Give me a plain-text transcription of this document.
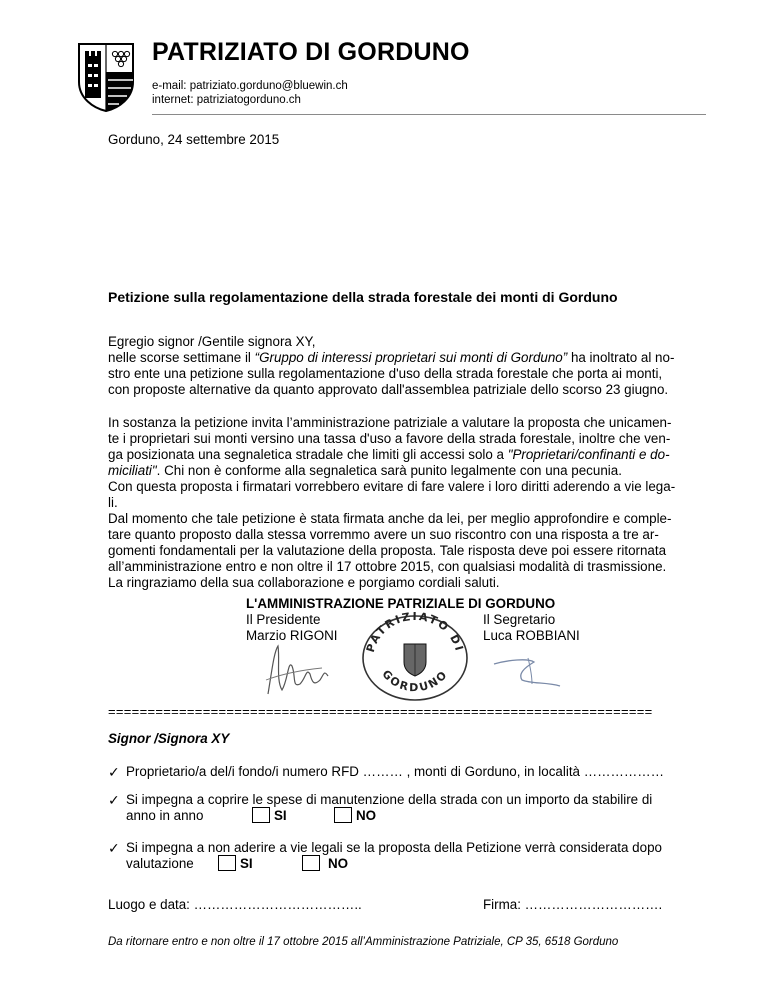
PATRIZIATO DI GORDUNO
e-mail: patriziato.gorduno@bluewin.ch
internet: patriziatogorduno.ch
Gorduno, 24 settembre 2015
Petizione sulla regolamentazione della strada forestale dei monti di Gorduno
Egregio signor /Gentile signora XY,
nelle scorse settimane il “Gruppo di interessi proprietari sui monti di Gorduno” ha inoltrato al no-
stro ente una petizione sulla regolamentazione d'uso della strada forestale che porta ai monti,
con proposte alternative da quanto approvato dall'assemblea patriziale dello scorso 23 giugno.
In sostanza la petizione invita l’amministrazione patriziale a valutare la proposta che unicamen-
te i proprietari sui monti versino una tassa d'uso a favore della strada forestale, inoltre che ven-
ga posizionata una segnaletica stradale che limiti gli accessi solo a "Proprietari/confinanti e do-
miciliati". Chi non è conforme alla segnaletica sarà punito legalmente con una pecunia.
Con questa proposta i firmatari vorrebbero evitare di fare valere i loro diritti aderendo a vie lega-
li.
Dal momento che tale petizione è stata firmata anche da lei, per meglio approfondire e comple-
tare quanto proposto dalla stessa vorremmo avere un suo riscontro con una risposta a tre ar-
gomenti fondamentali per la valutazione della proposta. Tale risposta deve poi essere ritornata
all’amministrazione entro e non oltre il 17 ottobre 2015, con qualsiasi modalità di trasmissione.
La ringraziamo della sua collaborazione e porgiamo cordiali saluti.
L'AMMINISTRAZIONE PATRIZIALE DI GORDUNO
Il Presidente
Marzio RIGONI
Il Segretario
Luca ROBBIANI
PATRIZIATO DI
GORDUNO
=====================================================================
Signor /Signora XY
✓ Proprietario/a del/i fondo/i numero RFD ……… , monti di Gorduno, in località ………………
✓ Si impegna a coprire le spese di manutenzione della strada con un importo da stabilire di
anno in anno	SI	NO
✓ Si impegna a non aderire a vie legali se la proposta della Petizione verrà considerata dopo
valutazione	SI	NO
Luogo e data: ………………………………..	Firma: ………………………….
Da ritornare entro e non oltre il 17 ottobre 2015 all’Amministrazione Patriziale, CP 35, 6518 Gorduno
